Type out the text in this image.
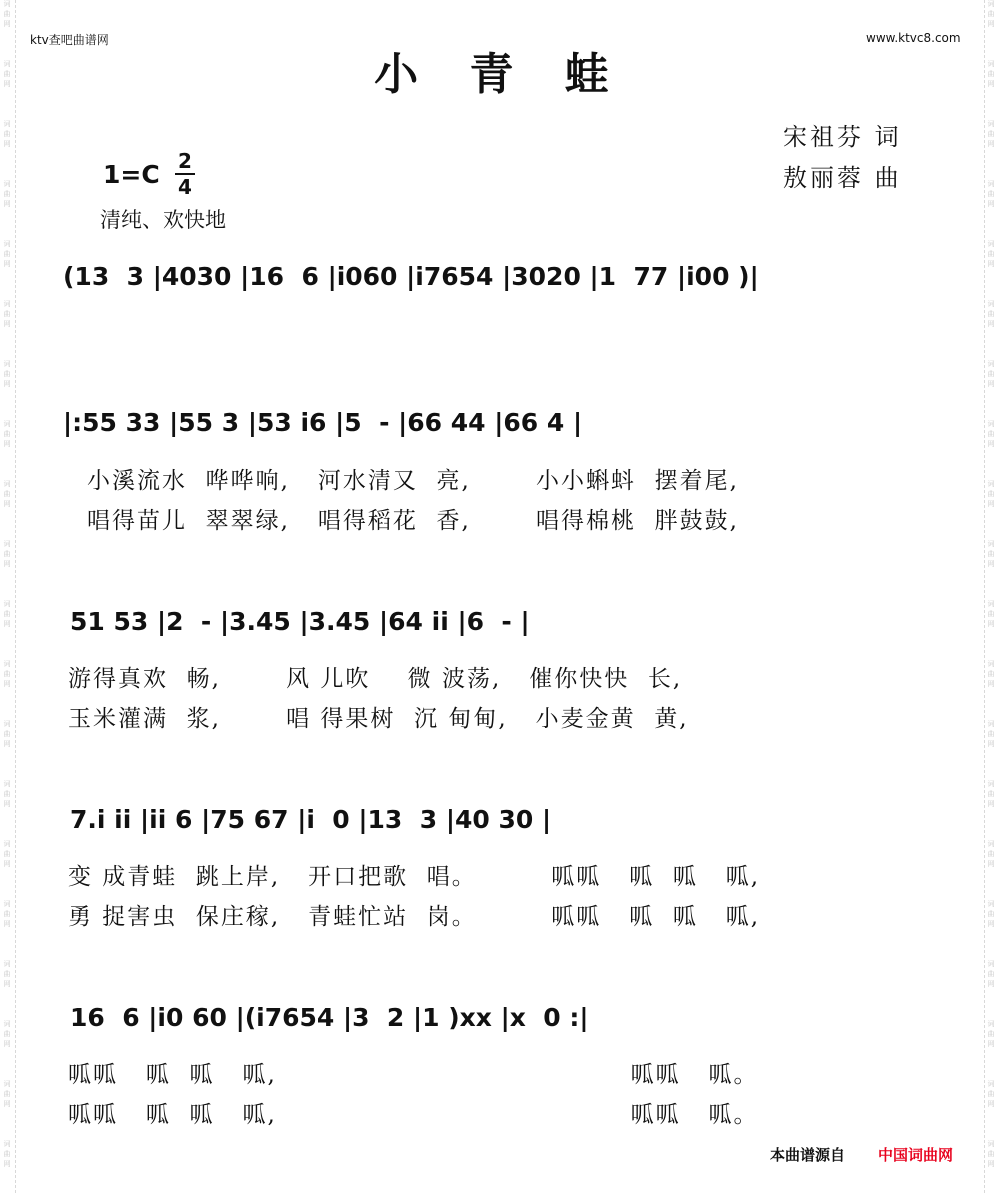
词
曲
网
词
曲
网
词
曲
网
词
曲
网
词
曲
网
词
曲
网
词
曲
网
词
曲
网
词
曲
网
词
曲
网
词
曲
网
词
曲
网
词
曲
网
词
曲
网
词
曲
网
词
曲
网
词
曲
网
词
曲
网
词
曲
网
词
曲
网
词
曲
网
词
曲
网
词
曲
网
词
曲
网
词
曲
网
词
曲
网
词
曲
网
词
曲
网
词
曲
网
词
曲
网
词
曲
网
词
曲
网
词
曲
网
词
曲
网
词
曲
网
词
曲
网
词
曲
网
词
曲
网
词
曲
网
词
曲
网
ktv查吧曲谱网	www.ktvc8.com
小 青 蛙
宋祖芬 词
敖丽蓉 曲
1=C 2
4
清纯、欢快地
(13  3 |4030 |16  6 |i060 |i7654 |3020 |1  77 |i00 )|
|:55 33 |55 3 |53 i6 |5  - |66 44 |66 4 |
小溪流水  哗哗响,   河水清又  亮,       小小蝌蚪  摆着尾,
唱得苗儿  翠翠绿,   唱得稻花  香,       唱得棉桃  胖鼓鼓,
51 53 |2  - |3.45 |3.45 |64 ii |6  - |
游得真欢  畅,       风 儿吹    微 波荡,   催你快快  长,
玉米灌满  浆,       唱 得果树  沉 甸甸,   小麦金黄  黄,
7.i ii |ii 6 |75 67 |i  0 |13  3 |40 30 |
变 成青蛙  跳上岸,   开口把歌  唱。        呱呱   呱  呱   呱,
勇 捉害虫  保庄稼,   青蛙忙站  岗。        呱呱   呱  呱   呱,
16  6 |i0 60 |(i7654 |3  2 |1 )xx |x  0 :|
呱呱   呱  呱   呱,                                      呱呱   呱。
呱呱   呱  呱   呱,                                      呱呱   呱。
本曲谱源自 中国词曲网
